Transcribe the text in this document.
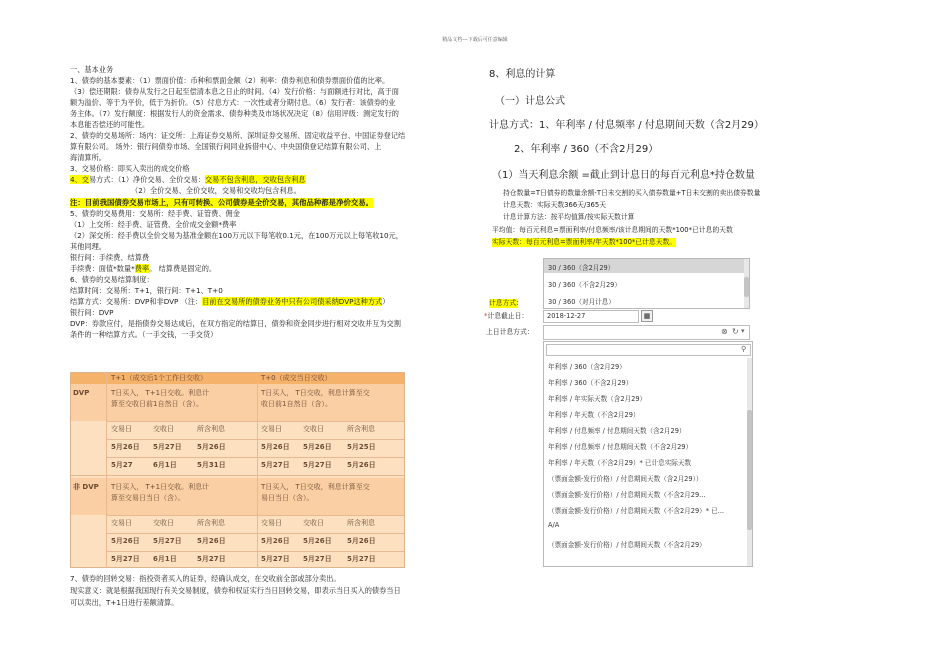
精品文档---下载后可任意编辑
一、基本业务
1、债券的基本要素：（1）票面价值：币种和票面金额（2）利率：债券利息和债券票面价值的比率。
（3）偿还期限：债券从发行之日起至偿清本息之日止的时间。（4）发行价格：与面额进行对比，高于面
额为溢价、等于为平价，低于为折价。（5）付息方式：一次性或者分期付息。（6）发行者：该债券的业
务主体。（7）发行额度：根据发行人的资金需求、债券种类及市场状况决定（8）信用评级：测定发行的
本息能否偿还的可能性。
2、债券的交易场所：场内：证交所：上海证券交易所、深圳证券交易所、固定收益平台、中国证券登记结
算有限公司。 场外：银行间债券市场、全国银行间同业拆借中心、中央国债登记结算有限公司、上
海清算所。
3、交易价格：即买入卖出的成交价格
4、交易方式：（1）净价交易、全价交易：交易不包含利息，交收包含利息
（2）全价交易、全价交收，交易和交收均包含利息。
注：目前我国债券交易市场上，只有可转换、公司债券是全价交易，其他品种都是净价交易。
5、债券的交易费用：交易所：经手费、证管费、佣金
（1）上交所：经手费、证管费、全价成交金额*费率
（2）深交所：经手费以全价交易为基准金额在100万元以下每笔收0.1元，在100万元以上每笔收10元，
其他同理。
银行间：手续费、结算费
手续费：面值*数量*费率。 结算费是固定的。
6、债券的交易结算制度：
结算时间：交易所：T+1，银行间：T+1、T+0
结算方式：交易所：DVP和非DVP （注：目前在交易所的债券业务中只有公司债采纳DVP这种方式）
银行间：DVP
DVP：券款应付，是指债券交易达成后，在双方指定的结算日，债券和资金同步进行相对交收并互为交割
条件的一种结算方式。（一手交钱，一手交货）
T+1（成交后1个工作日交收）	T+0（成交当日交收）
DVP	T日买入， T+1日交收。利息计
算至交收日前1自然日（含）。
T日买入， T日交收，利息计算至交
收日前1自然日（含）。
交易日	交收日	所含利息	交易日	交收日	所含利息
5月26日 5月27日 5月26日	5月26日 5月26日 5月25日
5月27	6月1日	5月31日	5月27日 5月27日 5月26日
非 DVP T日买入， T+1日交收。利息计
算至交易日当日（含）。
T日买入， T日交收，利息计算至交
易日当日（含）。
交易日	交收日	所含利息	交易日	交收日	所含利息
5月26日 5月27日 5月26日	5月26日 5月26日 5月26日
5月27日 6月1日	5月27日	5月27日 5月27日 5月27日
7、债券的回转交易：指投资者买入的证券，经确认成交，在交收前全部或部分卖出。
现实意义：就是根据我国现行有关交易制度，债券和权证实行当日回转交易，即表示当日买入的债券当日
可以卖出，T+1日进行差额清算。
8、利息的计算
（一）计息公式
计息方式：1、年利率 / 付息频率 / 付息期间天数（含2月29）
2、年利率 / 360（不含2月29）
（1）当天利息余额 =截止到计息日的每百元利息*持仓数量
持仓数量=T日债券的数量余额-T日未交割的买入债券数量+T日未交割的卖出债券数量
计息天数：实际天数366天/365天
计息计算方法：按平均值算/按实际天数计算
平均值：每百元利息=票面利率/付息频率/该计息期间的天数*100*已计息的天数
实际天数：每百元利息=票面利率/年天数*100*已计息天数。
30 / 360（含2月29）
30 / 360（不含2月29）
30 / 360（对月计息）
计息方式:
*计息截止日：	2018-12-27	▦
上日计息方式：	⊗ ↻ ▾
⚲
年利率 / 360（含2月29）
年利率 / 360（不含2月29）
年利率 / 年实际天数（含2月29）
年利率 / 年天数（不含2月29）
年利率 / 付息频率 / 付息期间天数（含2月29）
年利率 / 付息频率 / 付息期间天数（不含2月29）
年利率 / 年天数（不含2月29）* 已计息实际天数
（票面金额-发行价格）/ 付息期间天数（含2月29））
（票面金额-发行价格）/ 付息期间天数（不含2月29...
（票面金额-发行价格）/ 付息期间天数（不含2月29）* 已...
A/A
（票面金额-发行价格）/ 付息期间天数（不含2月29）
